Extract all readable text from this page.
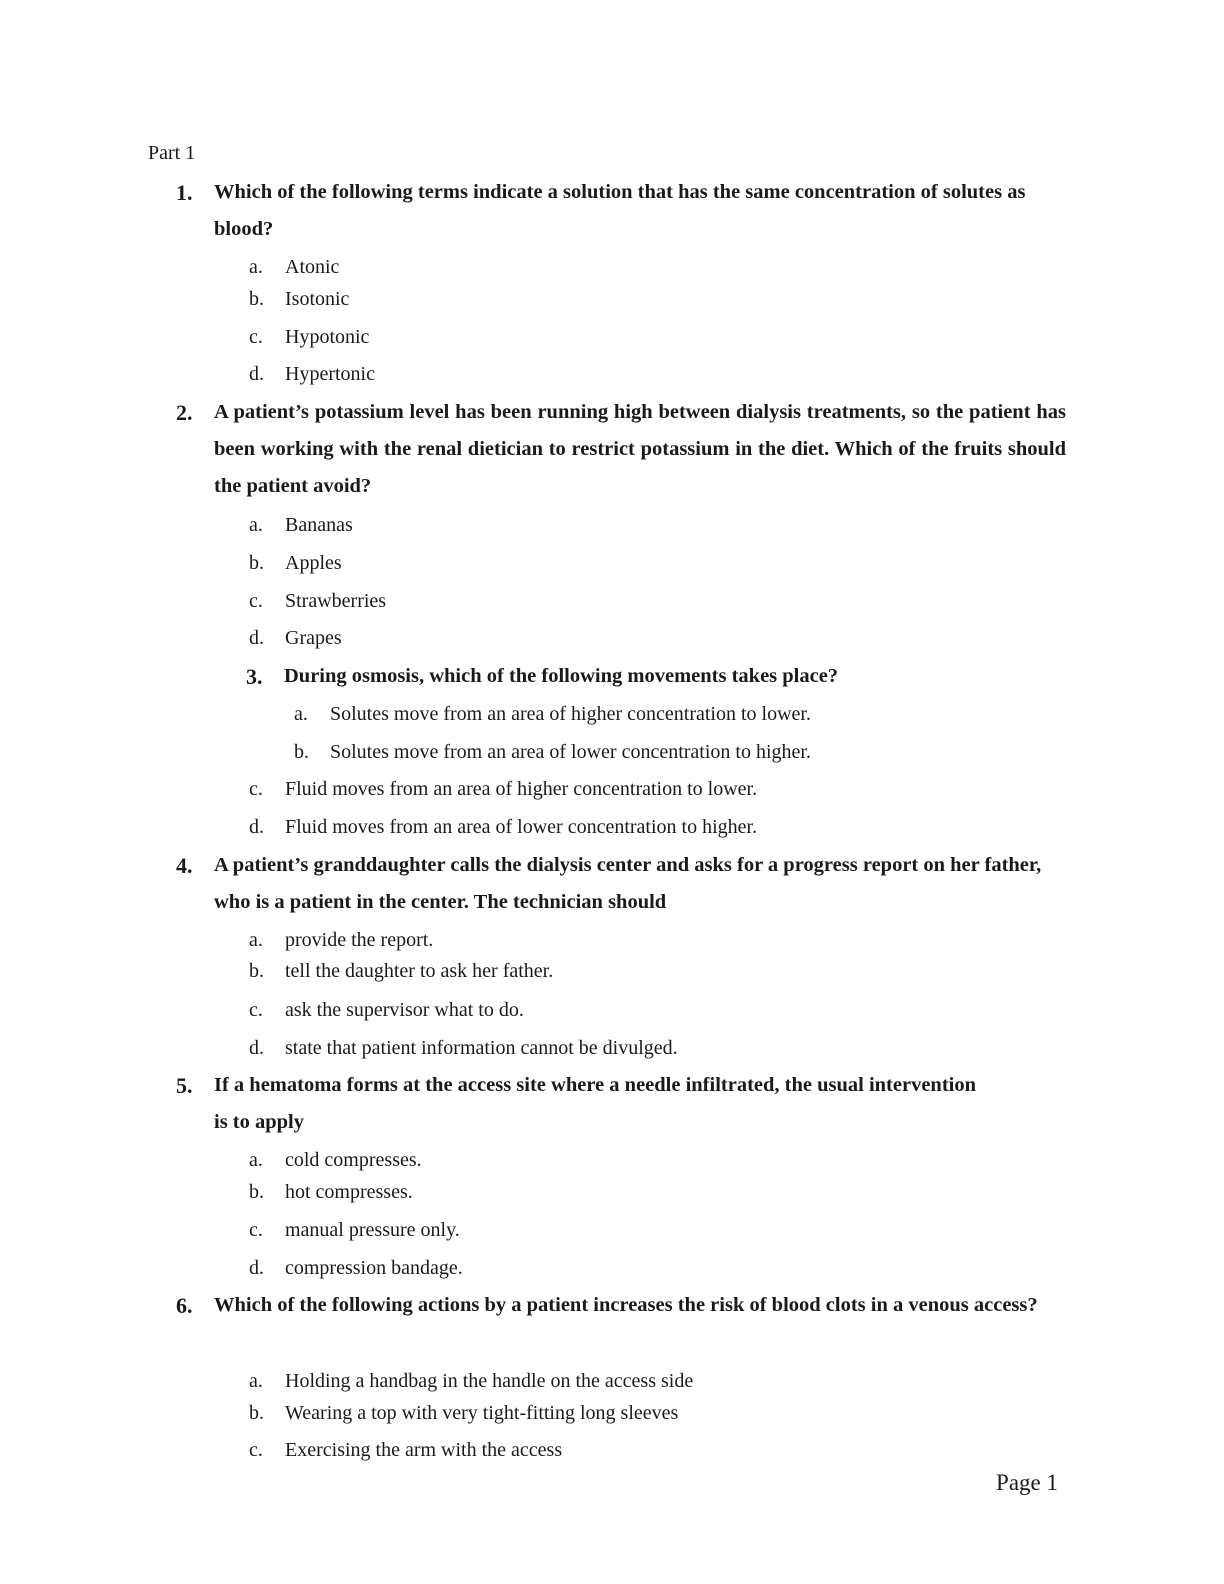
Part 1
1.	Which of the following terms indicate a solution that has the same concentration of solutes as blood?
a. Atonic
b. Isotonic
c. Hypotonic
d. Hypertonic
2.	A patient’s potassium level has been running high between dialysis treatments, so the patient has been working with the renal dietician to restrict potassium in the diet. Which of the fruits should the patient avoid?
a. Bananas
b. Apples
c. Strawberries
d. Grapes
3.	During osmosis, which of the following movements takes place?
a. Solutes move from an area of higher concentration to lower.
b. Solutes move from an area of lower concentration to higher.
c. Fluid moves from an area of higher concentration to lower.
d. Fluid moves from an area of lower concentration to higher.
4.	A patient’s granddaughter calls the dialysis center and asks for a progress report on her father, who is a patient in the center. The technician should
a. provide the report.
b. tell the daughter to ask her father.
c. ask the supervisor what to do.
d. state that patient information cannot be divulged.
5.	If a hematoma forms at the access site where a needle infiltrated, the usual intervention is to apply
a. cold compresses.
b. hot compresses.
c. manual pressure only.
d. compression bandage.
6.	Which of the following actions by a patient increases the risk of blood clots in a venous access?
a. Holding a handbag in the handle on the access side
b. Wearing a top with very tight-fitting long sleeves
c. Exercising the arm with the access
Page 1
